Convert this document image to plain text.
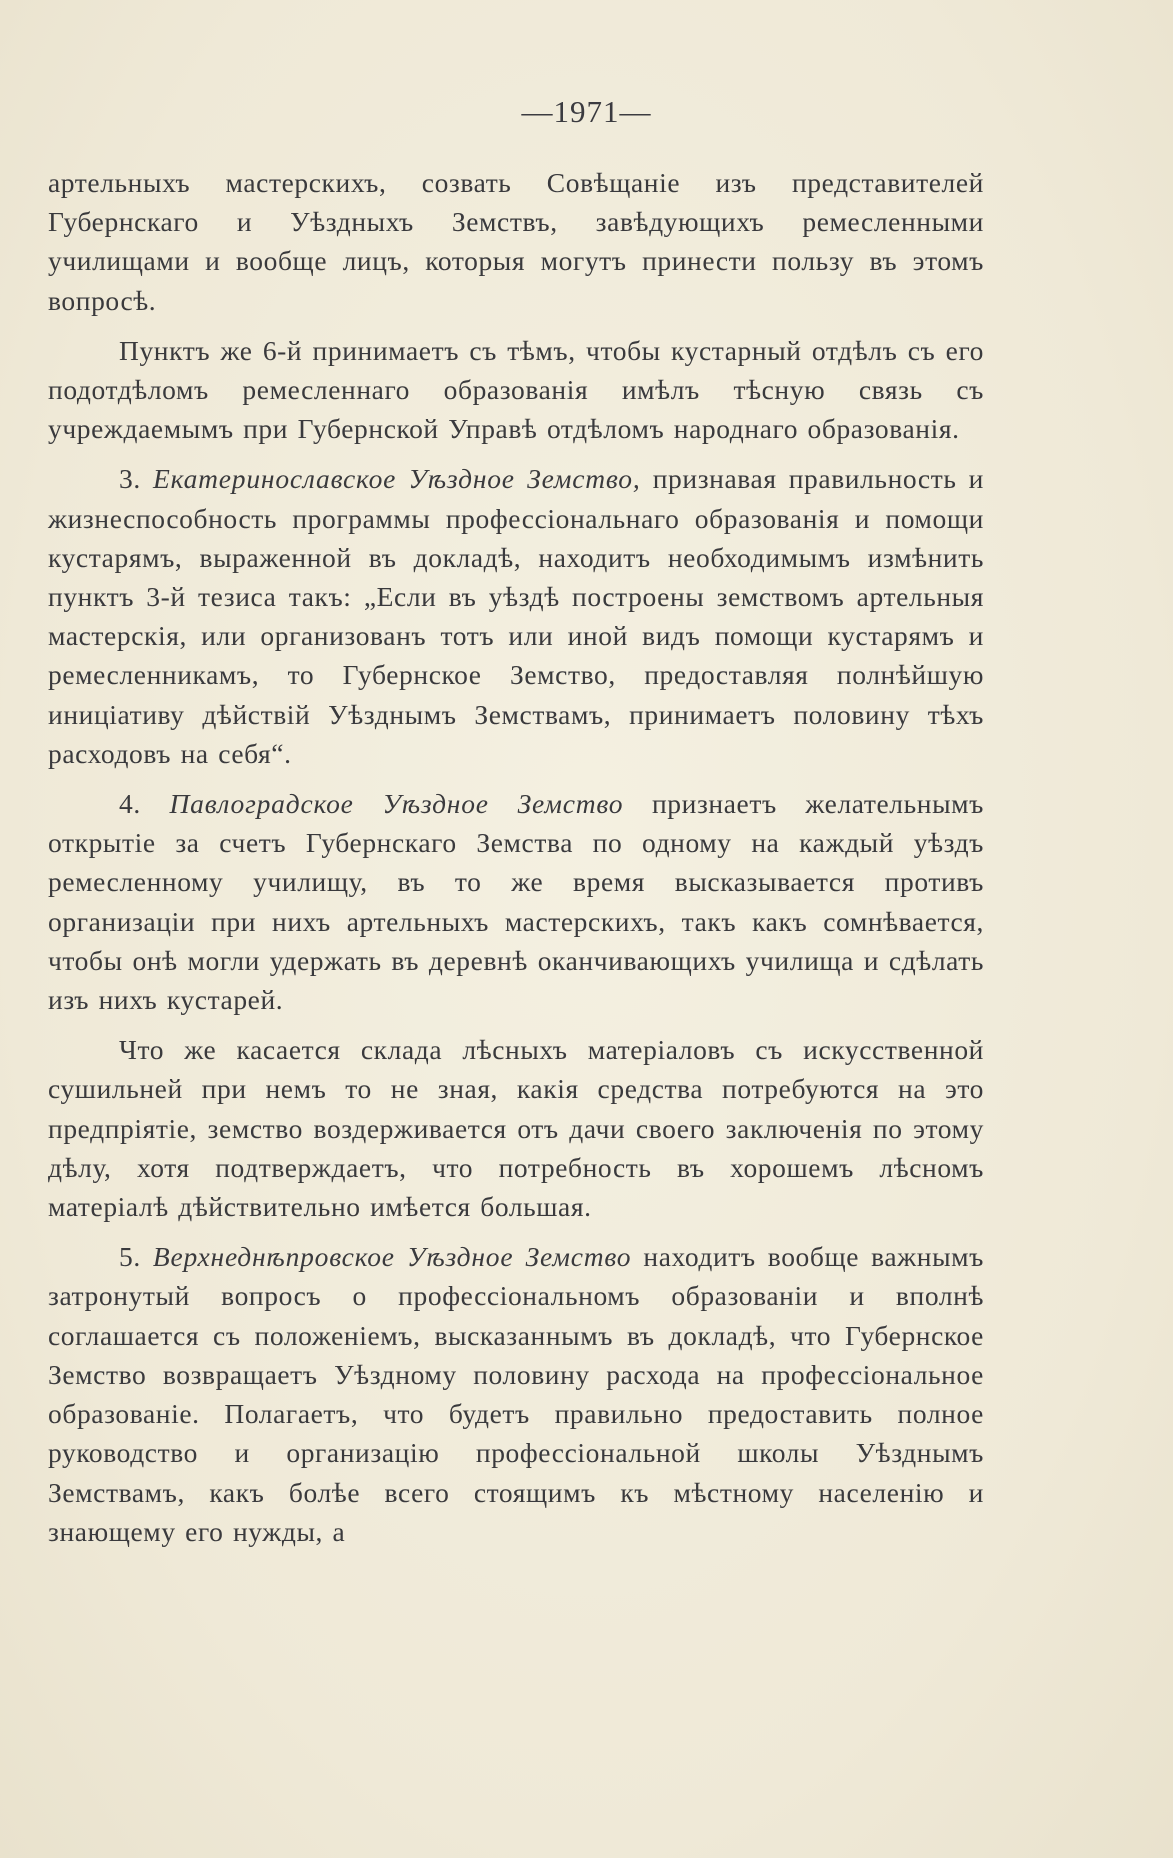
—1971—

артельныхъ мастерскихъ, созвать Совѣщаніе изъ представителей Губернскаго и Уѣздныхъ Земствъ, завѣдующихъ ремесленными училищами и вообще лицъ, которыя могутъ принести пользу въ этомъ вопросѣ.

Пунктъ же 6-й принимаетъ съ тѣмъ, чтобы кустарный отдѣлъ съ его подотдѣломъ ремесленнаго образованія имѣлъ тѣсную связь съ учреждаемымъ при Губернской Управѣ отдѣломъ народнаго образованія.

3. Екатеринославское Уѣздное Земство, признавая правильность и жизнеспособность программы профессіональнаго образованія и помощи кустарямъ, выраженной въ докладѣ, находитъ необходимымъ измѣнить пунктъ 3-й тезиса такъ: „Если въ уѣздѣ построены земствомъ артельныя мастерскія, или организованъ тотъ или иной видъ помощи кустарямъ и ремесленникамъ, то Губернское Земство, предоставляя полнѣйшую иниціативу дѣйствій Уѣзднымъ Земствамъ, принимаетъ половину тѣхъ расходовъ на себя“.

4. Павлоградское Уѣздное Земство признаетъ желательнымъ открытіе за счетъ Губернскаго Земства по одному на каждый уѣздъ ремесленному училищу, въ то же время высказывается противъ организаціи при нихъ артельныхъ мастерскихъ, такъ какъ сомнѣвается, чтобы онѣ могли удержать въ деревнѣ оканчивающихъ училища и сдѣлать изъ нихъ кустарей.

Что же касается склада лѣсныхъ матеріаловъ съ искусственной сушильней при немъ то не зная, какія средства потребуются на это предпріятіе, земство воздерживается отъ дачи своего заключенія по этому дѣлу, хотя подтверждаетъ, что потребность въ хорошемъ лѣсномъ матеріалѣ дѣйствительно имѣется большая.

5. Верхнеднѣпровское Уѣздное Земство находитъ вообще важнымъ затронутый вопросъ о профессіональномъ образованіи и вполнѣ соглашается съ положеніемъ, высказаннымъ въ докладѣ, что Губернское Земство возвращаетъ Уѣздному половину расхода на профессіональное образованіе. Полагаетъ, что будетъ правильно предоставить полное руководство и организацію профессіональной школы Уѣзднымъ Земствамъ, какъ болѣе всего стоящимъ къ мѣстному населенію и знающему его нужды, а
